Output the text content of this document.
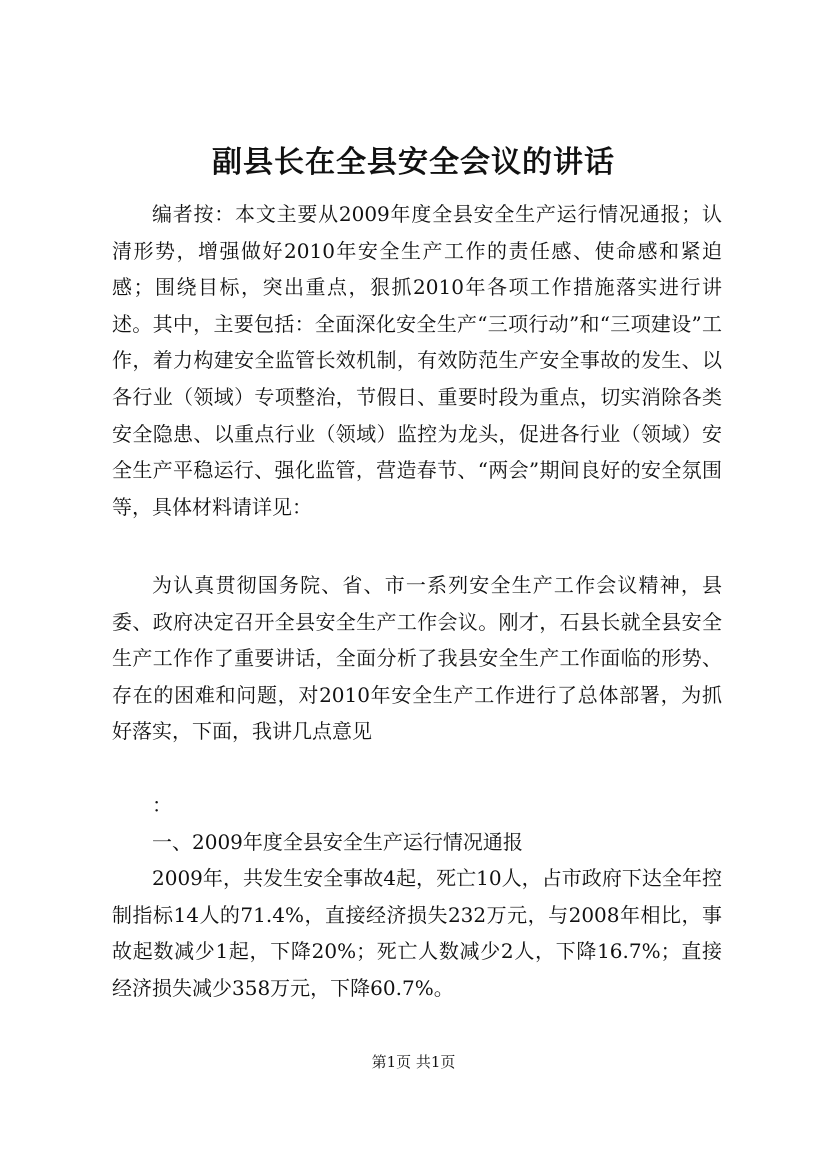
副县长在全县安全会议的讲话

编者按：本文主要从2009年度全县安全生产运行情况通报；认清形势，增强做好2010年安全生产工作的责任感、使命感和紧迫感；围绕目标，突出重点，狠抓2010年各项工作措施落实进行讲述。其中，主要包括：全面深化安全生产“三项行动”和“三项建设”工作，着力构建安全监管长效机制，有效防范生产安全事故的发生、以各行业（领域）专项整治，节假日、重要时段为重点，切实消除各类安全隐患、以重点行业（领域）监控为龙头，促进各行业（领域）安全生产平稳运行、强化监管，营造春节、“两会”期间良好的安全氛围等，具体材料请详见：

为认真贯彻国务院、省、市一系列安全生产工作会议精神，县委、政府决定召开全县安全生产工作会议。刚才，石县长就全县安全生产工作作了重要讲话，全面分析了我县安全生产工作面临的形势、存在的困难和问题，对2010年安全生产工作进行了总体部署，为抓好落实，下面，我讲几点意见

：

一、2009年度全县安全生产运行情况通报

2009年，共发生安全事故4起，死亡10人，占市政府下达全年控制指标14人的71.4%，直接经济损失232万元，与2008年相比，事故起数减少1起，下降20%；死亡人数减少2人，下降16.7%；直接经济损失减少358万元，下降60.7%。

第1页 共1页
